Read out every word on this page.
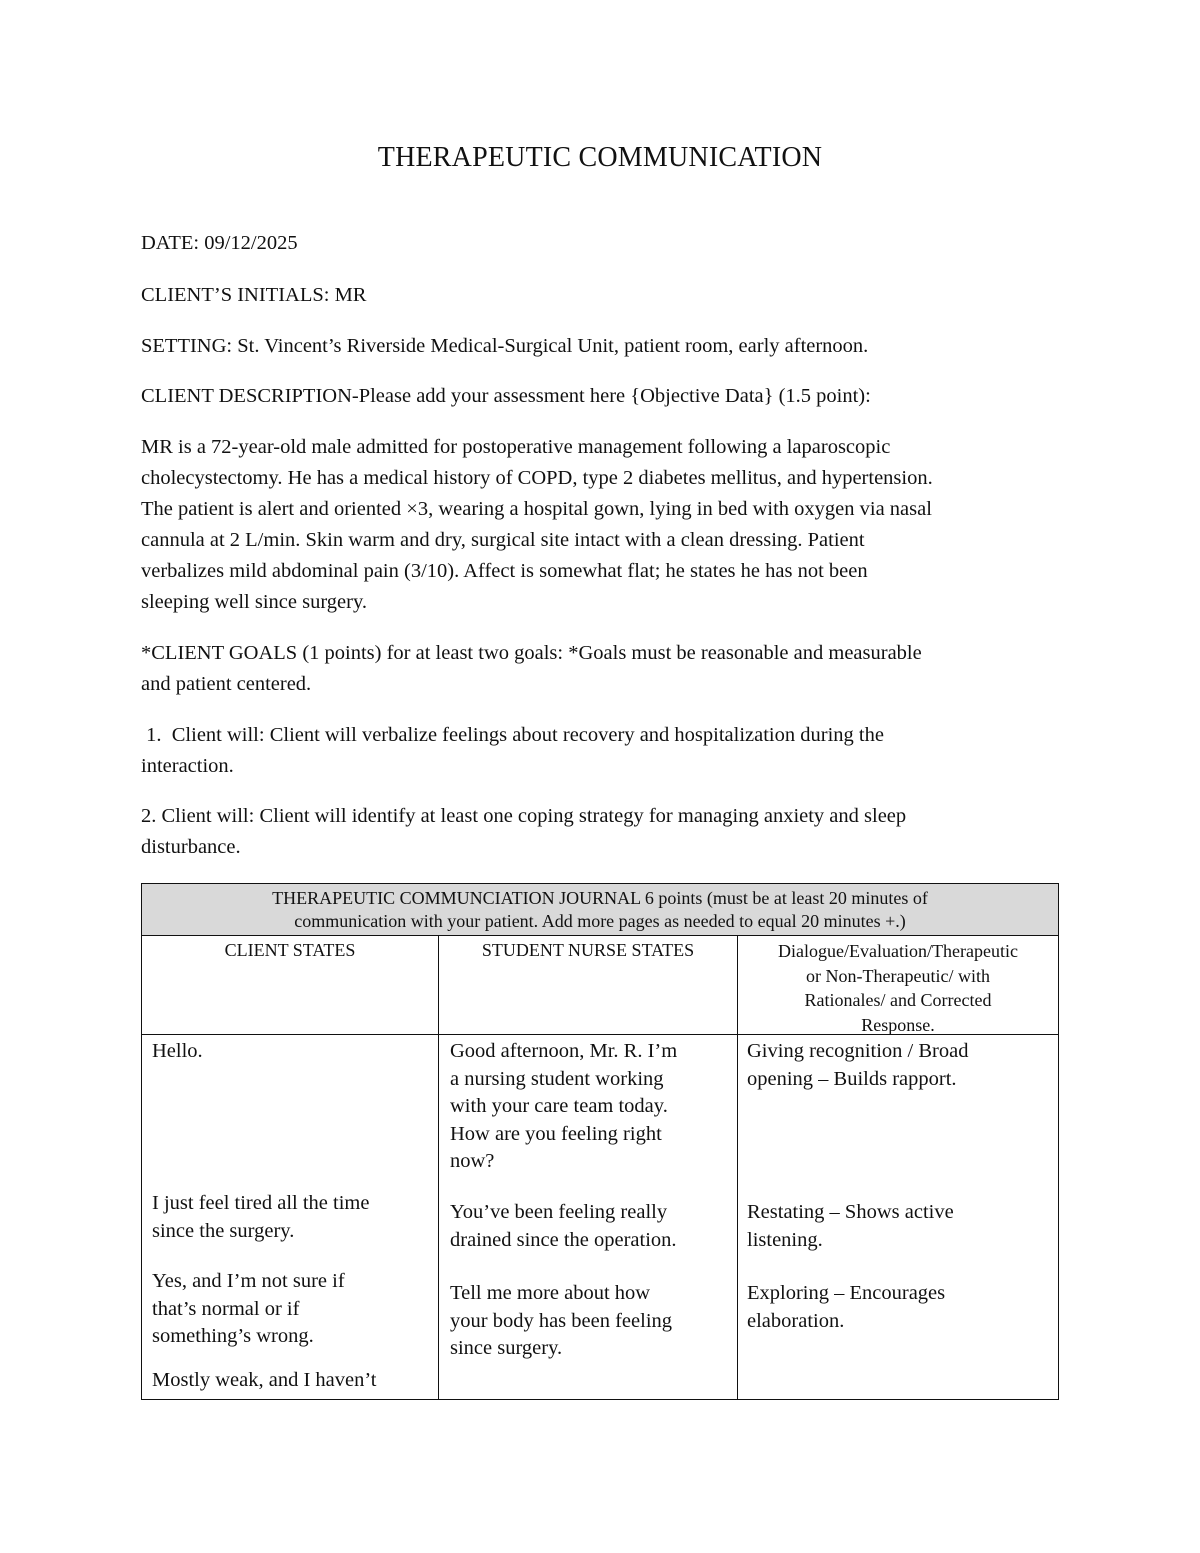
THERAPEUTIC COMMUNICATION
DATE: 09/12/2025
CLIENT’S INITIALS: MR
SETTING: St. Vincent’s Riverside Medical-Surgical Unit, patient room, early afternoon.
CLIENT DESCRIPTION-Please add your assessment here {Objective Data} (1.5 point):
MR is a 72-year-old male admitted for postoperative management following a laparoscopic
cholecystectomy. He has a medical history of COPD, type 2 diabetes mellitus, and hypertension.
The patient is alert and oriented ×3, wearing a hospital gown, lying in bed with oxygen via nasal
cannula at 2 L/min. Skin warm and dry, surgical site intact with a clean dressing. Patient
verbalizes mild abdominal pain (3/10). Affect is somewhat flat; he states he has not been
sleeping well since surgery.
*CLIENT GOALS (1 points) for at least two goals: *Goals must be reasonable and measurable
and patient centered.
1.  Client will: Client will verbalize feelings about recovery and hospitalization during the
interaction.
2. Client will: Client will identify at least one coping strategy for managing anxiety and sleep
disturbance.
THERAPEUTIC COMMUNCIATION JOURNAL 6 points (must be at least 20 minutes of
communication with your patient. Add more pages as needed to equal 20 minutes +.)
CLIENT STATES	STUDENT NURSE STATES	Dialogue/Evaluation/Therapeutic
or Non-Therapeutic/ with
Rationales/ and Corrected
Response.
Hello.
I just feel tired all the time
since the surgery.
Yes, and I’m not sure if
that’s normal or if
something’s wrong.
Mostly weak, and I haven’t
Good afternoon, Mr. R. I’m
a nursing student working
with your care team today.
How are you feeling right
now?
You’ve been feeling really
drained since the operation.
Tell me more about how
your body has been feeling
since surgery.
Giving recognition / Broad
opening – Builds rapport.
Restating – Shows active
listening.
Exploring – Encourages
elaboration.
